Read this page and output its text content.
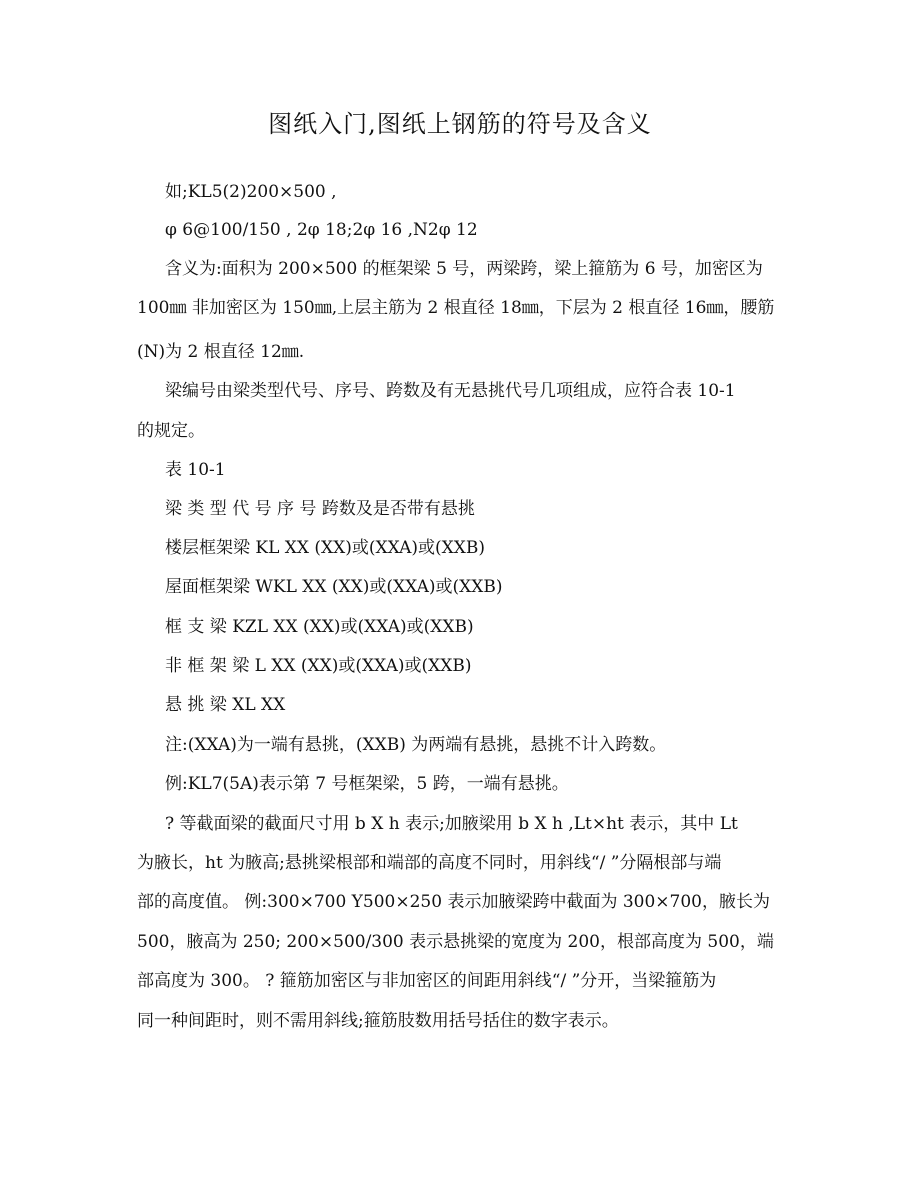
图纸入门,图纸上钢筋的符号及含义
如;KL5(2)200×500 ,
φ 6@100/150 , 2φ 18;2φ 16 ,N2φ 12
含义为:面积为 200×500 的框架梁 5 号，两梁跨，梁上箍筋为 6 号，加密区为
100㎜ 非加密区为 150㎜,上层主筋为 2 根直径 18㎜，下层为 2 根直径 16㎜，腰筋
(N)为 2 根直径 12㎜.
梁编号由梁类型代号、序号、跨数及有无悬挑代号几项组成，应符合表 10-1
的规定。
表 10-1
梁 类 型 代 号 序 号 跨数及是否带有悬挑
楼层框架梁 KL XX (XX)或(XXA)或(XXB)
屋面框架梁 WKL XX (XX)或(XXA)或(XXB)
框 支 梁 KZL XX (XX)或(XXA)或(XXB)
非 框 架 梁 L XX (XX)或(XXA)或(XXB)
悬 挑 梁 XL XX
注:(XXA)为一端有悬挑，(XXB) 为两端有悬挑，悬挑不计入跨数。
例:KL7(5A)表示第 7 号框架梁，5 跨，一端有悬挑。
? 等截面梁的截面尺寸用 b X h 表示;加腋梁用 b X h ,Lt×ht 表示，其中 Lt
为腋长，ht 为腋高;悬挑梁根部和端部的高度不同时，用斜线“/ ”分隔根部与端
部的高度值。 例:300×700 Y500×250 表示加腋梁跨中截面为 300×700，腋长为
500，腋高为 250; 200×500/300 表示悬挑梁的宽度为 200，根部高度为 500，端
部高度为 300。 ? 箍筋加密区与非加密区的间距用斜线“/ ”分开，当梁箍筋为
同一种间距时，则不需用斜线;箍筋肢数用括号括住的数字表示。
